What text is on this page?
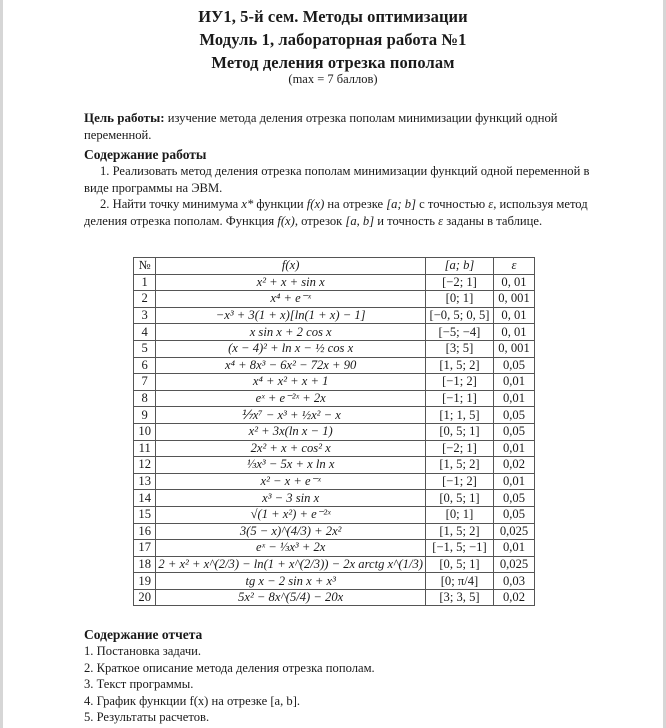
ИУ1, 5-й сем. Методы оптимизации
Модуль 1, лабораторная работа №1
Метод деления отрезка пополам
(max = 7 баллов)
Цель работы: изучение метода деления отрезка пополам минимизации функций одной переменной.
Содержание работы
1. Реализовать метод деления отрезка пополам минимизации функций одной переменной в виде программы на ЭВМ.
2. Найти точку минимума x* функции f(x) на отрезке [a; b] с точностью ε, используя метод деления отрезка пополам. Функция f(x), отрезок [a, b] и точность ε заданы в таблице.
№	f(x)	[a; b]	ε
1	x² + x + sin x	[−2; 1]	0, 01
2	x⁴ + e⁻ˣ	[0; 1]	0, 001
3	−x³ + 3(1 + x)[ln(1 + x) − 1]	[−0, 5; 0, 5]	0, 01
4	x sin x + 2 cos x	[−5; −4]	0, 01
5	(x − 4)² + ln x − ½ cos x	[3; 5]	0, 001
6	x⁴ + 8x³ − 6x² − 72x + 90	[1, 5; 2]	0,05
7	x⁴ + x² + x + 1	[−1; 2]	0,01
8	eˣ + e⁻²ˣ + 2x	[−1; 1]	0,01
9	⅐x⁷ − x³ + ½x² − x	[1; 1, 5]	0,05
10	x² + 3x(ln x − 1)	[0, 5; 1]	0,05
11	2x² + x + cos² x	[−2; 1]	0,01
12	⅓x³ − 5x + x ln x	[1, 5; 2]	0,02
13	x² − x + e⁻ˣ	[−1; 2]	0,01
14	x³ − 3 sin x	[0, 5; 1]	0,05
15	√(1 + x²) + e⁻²ˣ	[0; 1]	0,05
16	3(5 − x)^(4/3) + 2x²	[1, 5; 2]	0,025
17	eˣ − ⅓x³ + 2x	[−1, 5; −1]	0,01
18	2 + x² + x^(2/3) − ln(1 + x^(2/3)) − 2x arctg x^(1/3)	[0, 5; 1]	0,025
19	tg x − 2 sin x + x³	[0; π/4]	0,03
20	5x² − 8x^(5/4) − 20x	[3; 3, 5]	0,02
Содержание отчета
1. Постановка задачи.
2. Краткое описание метода деления отрезка пополам.
3. Текст программы.
4. График функции f(x) на отрезке [a, b].
5. Результаты расчетов.
